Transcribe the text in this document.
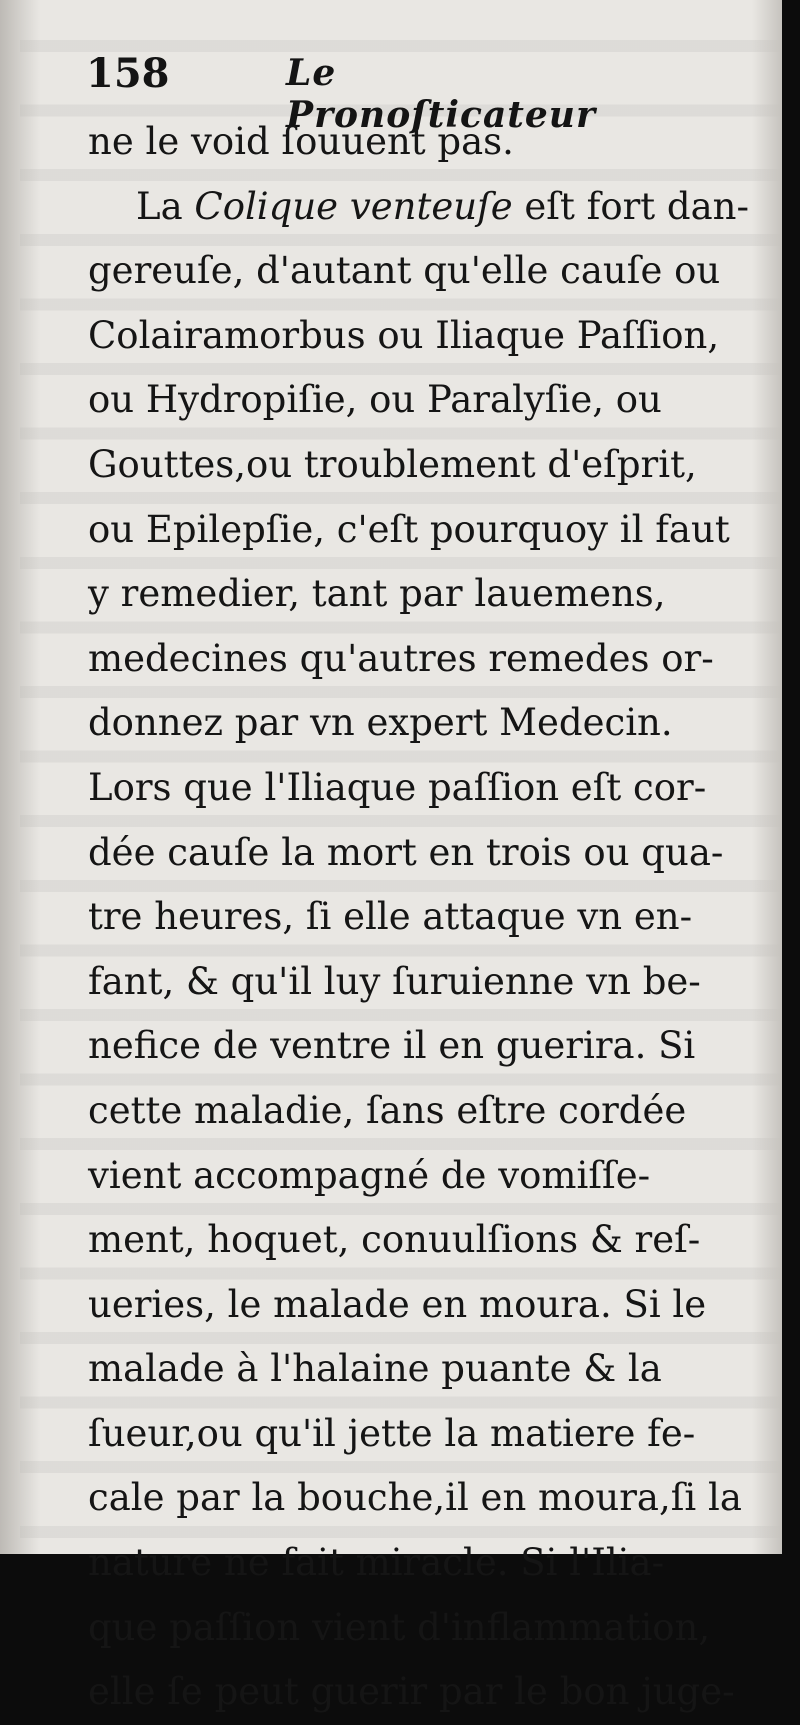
158	Le Pronoſticateur
ne le void ſouuent pas.
La Colique venteuſe eſt fort dan-
gereuſe, d'autant qu'elle cauſe ou
Colairamorbus ou Iliaque Paſſion,
ou Hydropiſie, ou Paralyſie, ou
Gouttes,ou troublement d'eſprit,
ou Epilepſie, c'eſt pourquoy il faut
y remedier, tant par lauemens,
medecines qu'autres remedes or-
donnez par vn expert Medecin.
Lors que l'Iliaque paſſion eſt cor-
dée cauſe la mort en trois ou qua-
tre heures, ſi elle attaque vn en-
fant, & qu'il luy ſuruienne vn be-
nefice de ventre il en guerira. Si
cette maladie, ſans eſtre cordée
vient accompagné de vomiſſe-
ment, hoquet, conuulſions & reſ-
ueries, le malade en moura. Si le
malade à l'halaine puante & la
ſueur,ou qu'il jette la matiere fe-
cale par la bouche,il en moura,ſi la
nature ne fait miracle. Si l'Ilia-
que paſſion vient d'inflammation,
elle ſe peut guerir par le bon juge-
